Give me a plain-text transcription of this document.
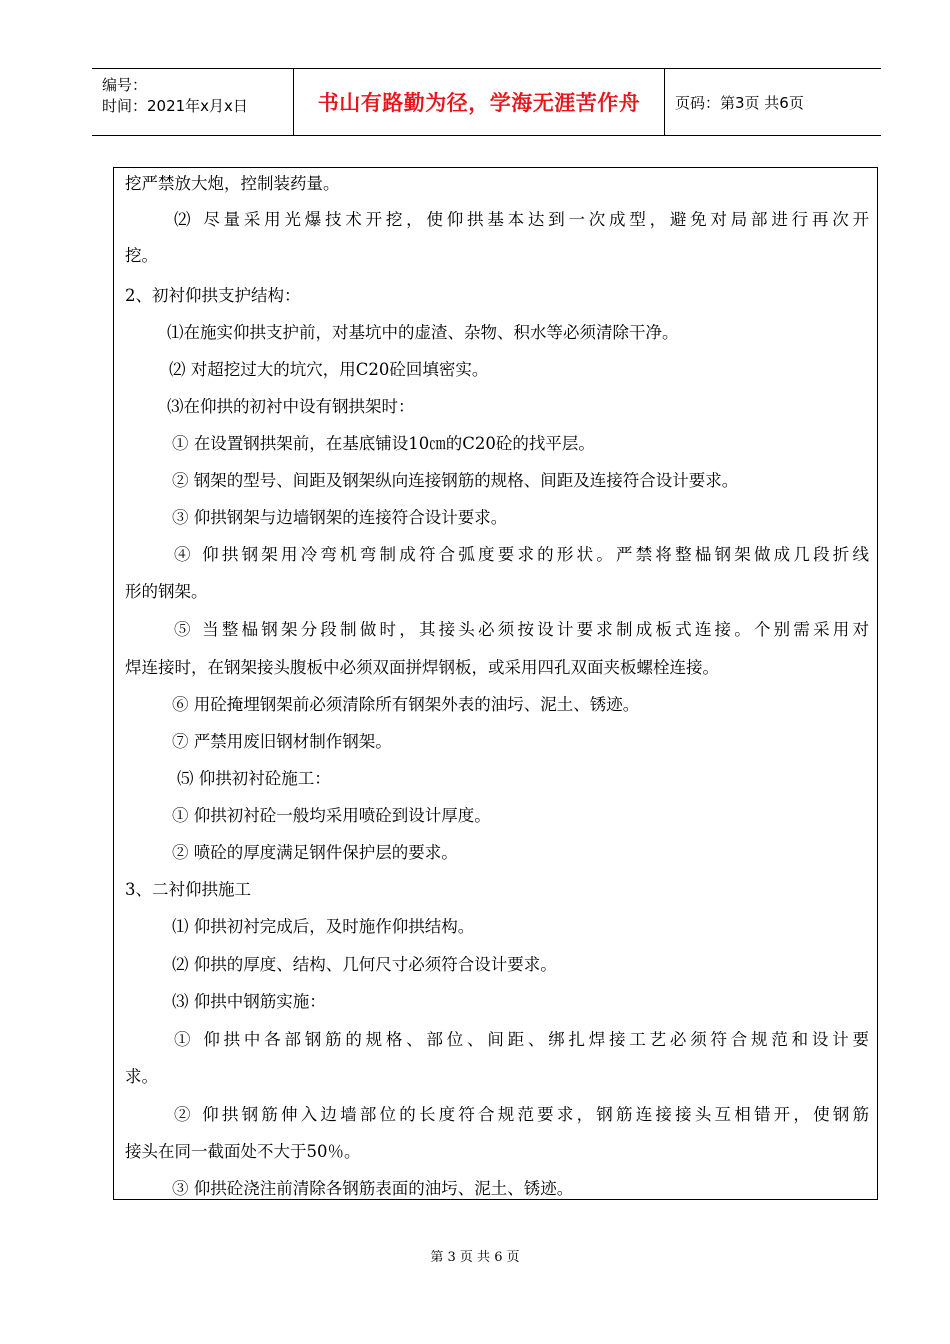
编号：
时间：2021年x月x日	书山有路勤为径，学海无涯苦作舟 页码：第3页 共6页
挖严禁放大炮，控制装药量。
⑵ 尽量采用光爆技术开挖，使仰拱基本达到一次成型，避免对局部进行再次开
挖。
2、初衬仰拱支护结构：
⑴在施实仰拱支护前，对基坑中的虚渣、杂物、积水等必须清除干净。
⑵ 对超挖过大的坑穴，用C20砼回填密实。
⑶在仰拱的初衬中设有钢拱架时：
① 在设置钢拱架前，在基底铺设10㎝的C20砼的找平层。
② 钢架的型号、间距及钢架纵向连接钢筋的规格、间距及连接符合设计要求。
③ 仰拱钢架与边墙钢架的连接符合设计要求。
④ 仰拱钢架用冷弯机弯制成符合弧度要求的形状。严禁将整榀钢架做成几段折线
形的钢架。
⑤ 当整榀钢架分段制做时，其接头必须按设计要求制成板式连接。个别需采用对
焊连接时，在钢架接头腹板中必须双面拼焊钢板，或采用四孔双面夹板螺栓连接。
⑥ 用砼掩埋钢架前必须清除所有钢架外表的油圬、泥土、锈迹。
⑦ 严禁用废旧钢材制作钢架。
⑸ 仰拱初衬砼施工：
① 仰拱初衬砼一般均采用喷砼到设计厚度。
② 喷砼的厚度满足钢件保护层的要求。
3、二衬仰拱施工
⑴ 仰拱初衬完成后，及时施作仰拱结构。
⑵ 仰拱的厚度、结构、几何尺寸必须符合设计要求。
⑶ 仰拱中钢筋实施：
① 仰拱中各部钢筋的规格、部位、间距、绑扎焊接工艺必须符合规范和设计要
求。
② 仰拱钢筋伸入边墙部位的长度符合规范要求，钢筋连接接头互相错开，使钢筋
接头在同一截面处不大于50％。
③ 仰拱砼浇注前清除各钢筋表面的油圬、泥土、锈迹。
第 3 页 共 6 页
